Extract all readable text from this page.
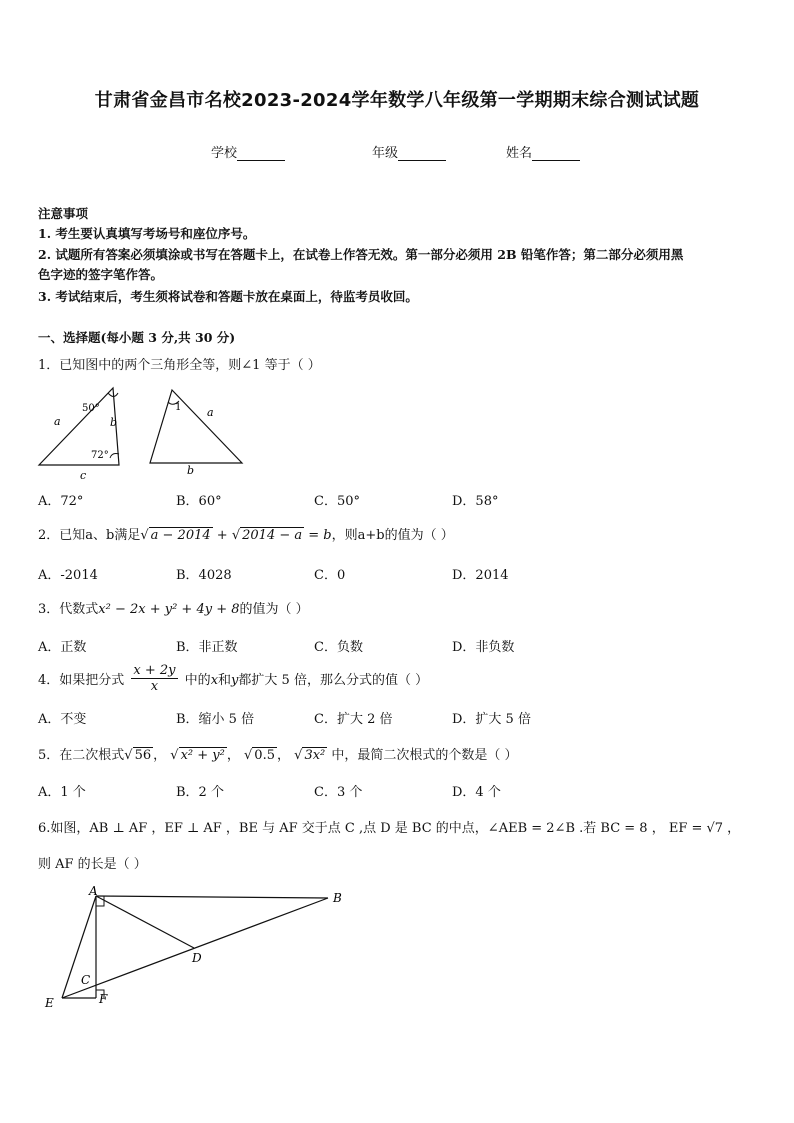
甘肃省金昌市名校2023-2024学年数学八年级第一学期期末综合测试试题
学校	年级	姓名
注意事项
1. 考生要认真填写考场号和座位序号。
2. 试题所有答案必须填涂或书写在答题卡上，在试卷上作答无效。第一部分必须用 2B 铅笔作答；第二部分必须用黑
色字迹的签字笔作答。
3. 考试结束后，考生须将试卷和答题卡放在桌面上，待监考员收回。
一、选择题(每小题 3 分,共 30 分)
1．已知图中的两个三角形全等，则∠1 等于（ ）
a	b
c
50°
72°
1 a
b
A．72°	B．60°	C．50°	D．58°
2．已知a、b满足√ a − 2014 + √ 2014 − a = b，则a+b的值为（ ）
A．-2014	B．4028	C．0	D．2014
3．代数式x² − 2x + y² + 4y + 8的值为（ ）
A．正数	B．非正数	C．负数	D．非负数
4．如果把分式 $\frac{x + 2y}{x}$ 中的x和y都扩大 5 倍，那么分式的值（ ）
A．不变	B．缩小 5 倍	C．扩大 2 倍	D．扩大 5 倍
5．在二次根式√ 56 ， √ x² + y² ， √ 0.5 ， √ 3x² 中，最简二次根式的个数是（ ）
A．1 个	B．2 个	C．3 个	D．4 个
6.如图，AB ⊥ AF ，EF ⊥ AF ，BE 与 AF 交于点 C ,点 D 是 BC 的中点，∠AEB = 2∠B .若 BC = 8 ， EF = √7 ，
则 AF 的长是（ ）
A	B
C
D
E	F
